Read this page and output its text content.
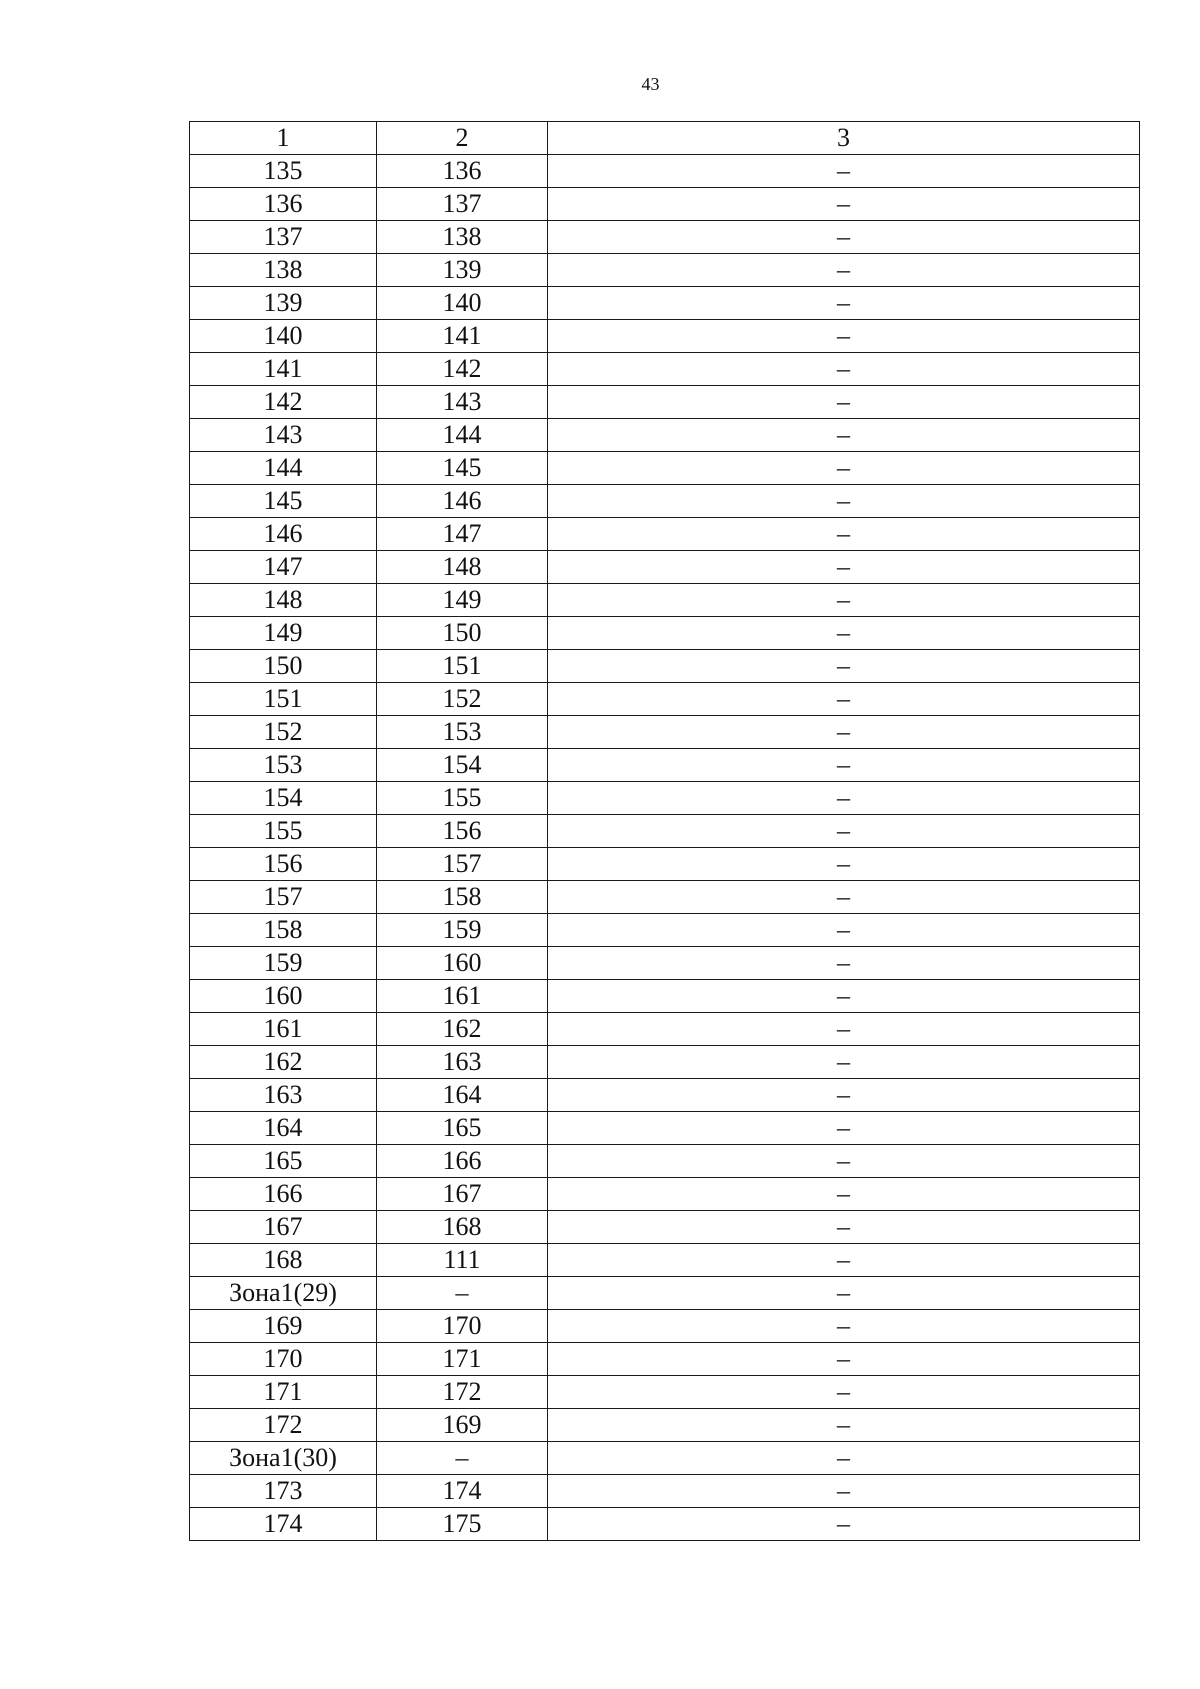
43
1	2	3
135	136	–
136	137	–
137	138	–
138	139	–
139	140	–
140	141	–
141	142	–
142	143	–
143	144	–
144	145	–
145	146	–
146	147	–
147	148	–
148	149	–
149	150	–
150	151	–
151	152	–
152	153	–
153	154	–
154	155	–
155	156	–
156	157	–
157	158	–
158	159	–
159	160	–
160	161	–
161	162	–
162	163	–
163	164	–
164	165	–
165	166	–
166	167	–
167	168	–
168	111	–
Зона1(29)	–	–
169	170	–
170	171	–
171	172	–
172	169	–
Зона1(30)	–	–
173	174	–
174	175	–
